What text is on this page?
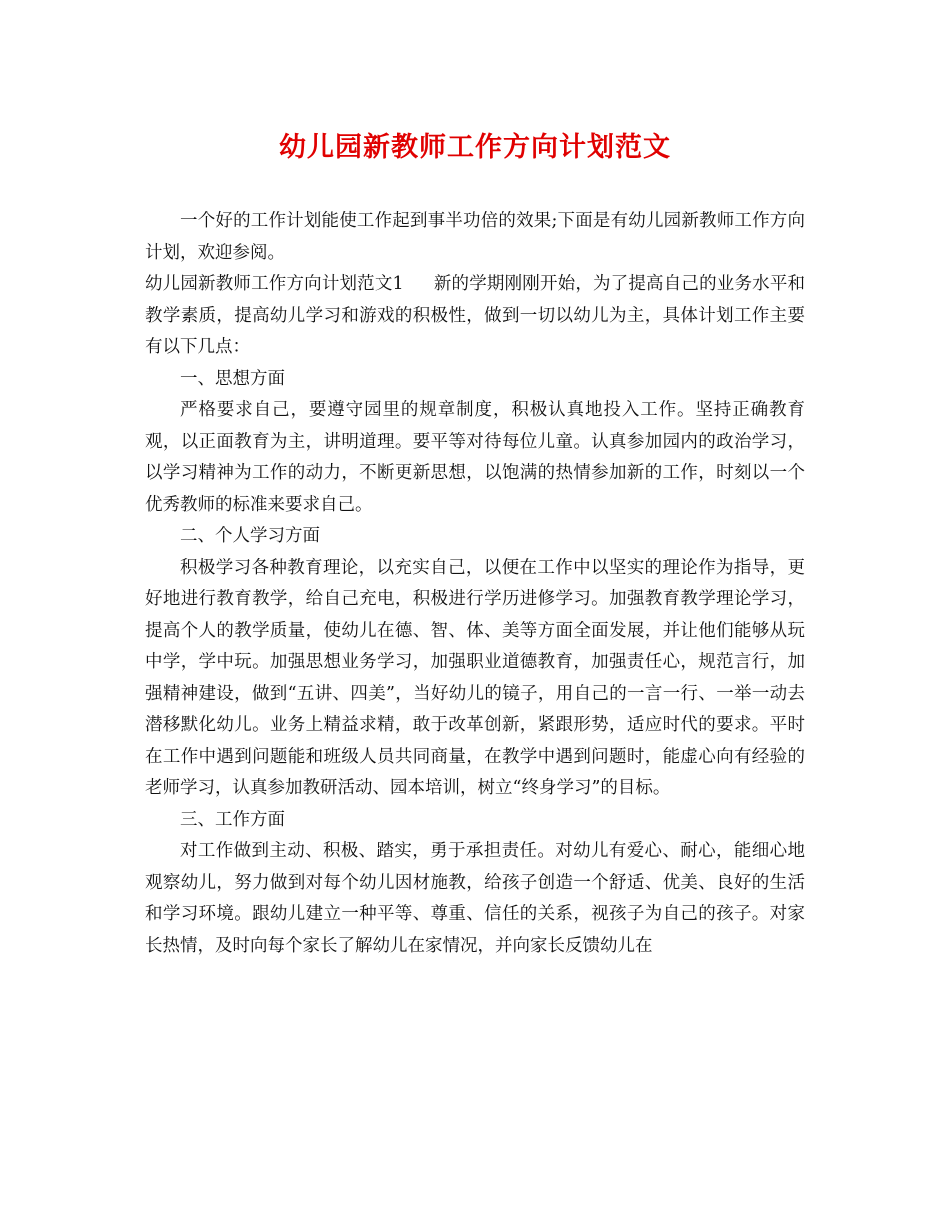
幼儿园新教师工作方向计划范文

一个好的工作计划能使工作起到事半功倍的效果;下面是有幼儿园新教师工作方向计划，欢迎参阅。

幼儿园新教师工作方向计划范文1 新的学期刚刚开始，为了提高自己的业务水平和教学素质，提高幼儿学习和游戏的积极性，做到一切以幼儿为主，具体计划工作主要有以下几点：

一、思想方面

严格要求自己，要遵守园里的规章制度，积极认真地投入工作。坚持正确教育观，以正面教育为主，讲明道理。要平等对待每位儿童。认真参加园内的政治学习，以学习精神为工作的动力，不断更新思想，以饱满的热情参加新的工作，时刻以一个优秀教师的标准来要求自己。

二、个人学习方面

积极学习各种教育理论，以充实自己，以便在工作中以坚实的理论作为指导，更好地进行教育教学，给自己充电，积极进行学历进修学习。加强教育教学理论学习，提高个人的教学质量，使幼儿在德、智、体、美等方面全面发展，并让他们能够从玩中学，学中玩。加强思想业务学习，加强职业道德教育，加强责任心，规范言行，加强精神建设，做到“五讲、四美”，当好幼儿的镜子，用自己的一言一行、一举一动去潜移默化幼儿。业务上精益求精，敢于改革创新，紧跟形势，适应时代的要求。平时在工作中遇到问题能和班级人员共同商量，在教学中遇到问题时，能虚心向有经验的老师学习，认真参加教研活动、园本培训，树立“终身学习”的目标。

三、工作方面

对工作做到主动、积极、踏实，勇于承担责任。对幼儿有爱心、耐心，能细心地观察幼儿，努力做到对每个幼儿因材施教，给孩子创造一个舒适、优美、良好的生活和学习环境。跟幼儿建立一种平等、尊重、信任的关系，视孩子为自己的孩子。对家长热情，及时向每个家长了解幼儿在家情况，并向家长反馈幼儿在
